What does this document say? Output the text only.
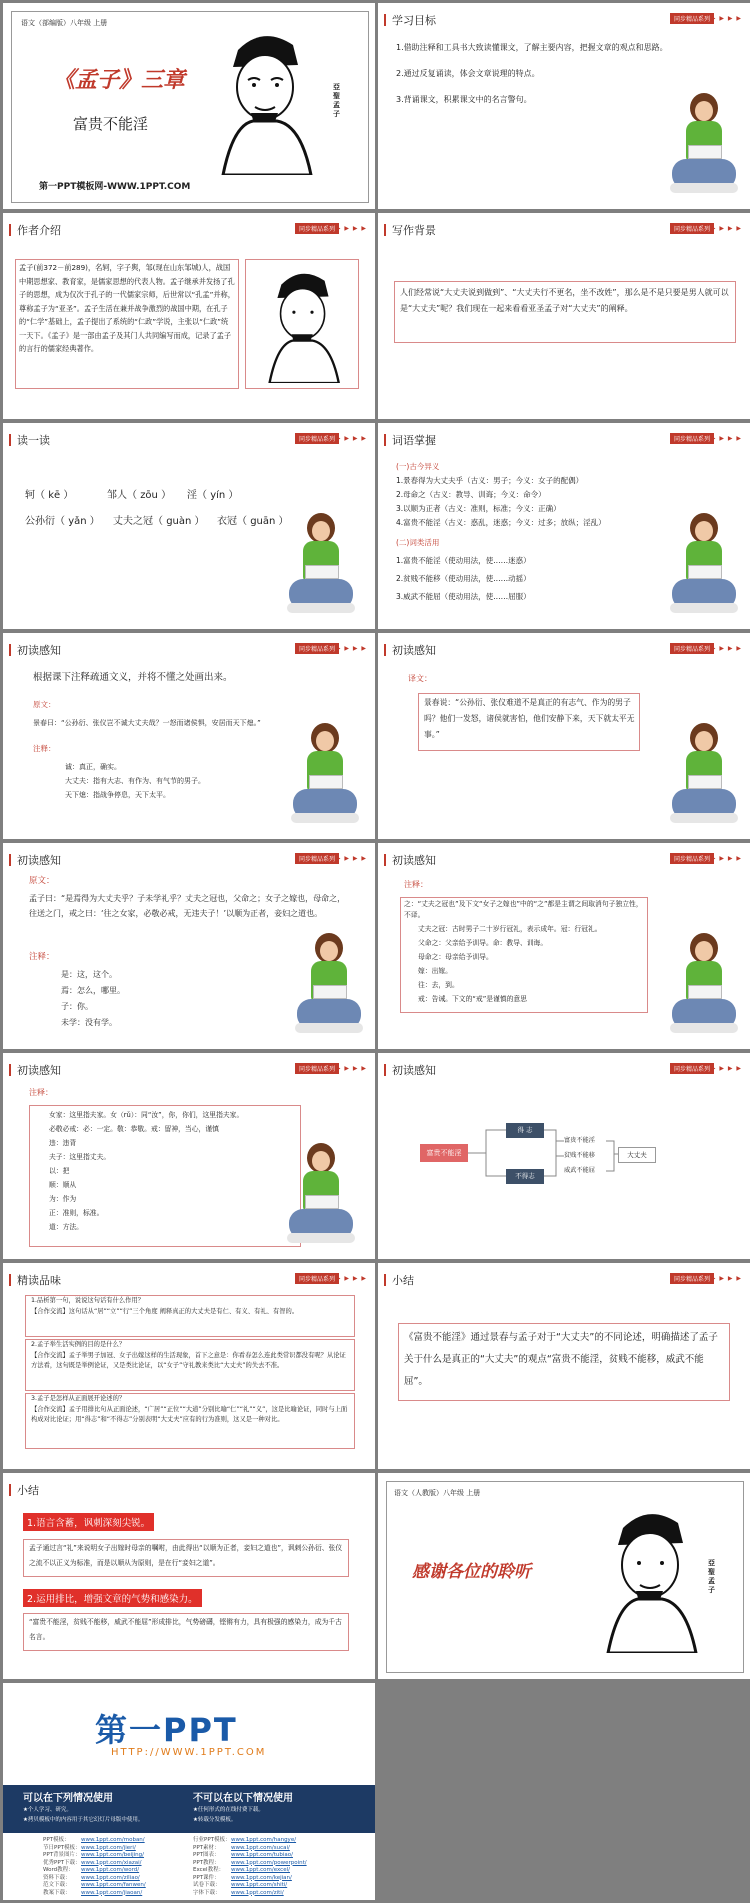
语文（部编版）八年级 上册
《孟子》三章
富贵不能淫
第一PPT模板网-WWW.1PPT.COM
亞聖孟子
学习目标	同步精品系列 ▶ ▶ ▶ ▶
1.借助注释和工具书大致读懂课文，了解主要内容，把握文章的观点和思路。
2.通过反复诵读，体会文章说理的特点。
3.背诵课文，积累课文中的名言警句。
作者介绍	同步精品系列 ▶ ▶ ▶ ▶
孟子(前372－前289)，名轲，字子舆，邹(现在山东邹城)人，战国中期思想家、教育家，是儒家思想的代表人物。孟子继承并发扬了孔子的思想，成为仅次于孔子的一代儒家宗师，后世常以“孔孟”并称，尊称孟子为“亚圣”。孟子生活在兼并战争激烈的战国中期，在孔子的“仁学”基础上，孟子提出了系统的“仁政”学说，主张以“仁政”统一天下。《孟子》是一部由孟子及其门人共同编写而成，记录了孟子的言行的儒家经典著作。
写作背景	同步精品系列 ▶ ▶ ▶ ▶
人们经常说“大丈夫说到做到”、“大丈夫行不更名，坐不改姓”，那么是不是只要是男人就可以是“大丈夫”呢？我们现在一起来看看亚圣孟子对“大丈夫”的阐释。
读一读	同步精品系列 ▶ ▶ ▶ ▶
轲（ kē ）	邹人（ zōu ） 淫（ yín ）
公孙衍（ yǎn ） 丈夫之冠（ guàn ） 衣冠（ guān ）
词语掌握	同步精品系列 ▶ ▶ ▶ ▶
(一)古今异义
1.景春得为大丈夫乎（古义：男子；今义：女子的配偶）
2.母命之（古义：教导、训诲；今义：命令）
3.以顺为正者（古义：准则，标准；今义：正确）
4.富贵不能淫（古义：惑乱，迷惑；今义：过多；放纵；淫乱）
(二)词类活用
1.富贵不能淫（使动用法，使……迷惑）
2.贫贱不能移（使动用法，使……动摇）
3.威武不能屈（使动用法，使……屈服）
初读感知	同步精品系列 ▶ ▶ ▶ ▶
根据课下注释疏通文义，并将不懂之处画出来。
原文：
景春曰：“公孙衍、张仪岂不诚大丈夫哉？一怒而诸侯惧，安居而天下熄。”
注释：
诚：真正，确实。
大丈夫：指有大志、有作为、有气节的男子。
天下熄：指战争停息，天下太平。
初读感知	同步精品系列 ▶ ▶ ▶ ▶
译文：
景春说：“公孙衍、张仪难道不是真正的有志气、作为的男子吗？他们一发怒，诸侯就害怕，他们安静下来，天下就太平无事。”
初读感知	同步精品系列 ▶ ▶ ▶ ▶
原文：
孟子曰：“是焉得为大丈夫乎？子未学礼乎？丈夫之冠也，父命之；女子之嫁也，母命之，往送之门，戒之曰：‘往之女家，必敬必戒，无违夫子！’以顺为正者，妾妇之道也。
注释：
是：这，这个。
焉：怎么，哪里。
子：你。
未学：没有学。
初读感知	同步精品系列 ▶ ▶ ▶ ▶
注释：
之：“丈夫之冠也”及下文“女子之嫁也”中的“之”都是主谓之间取消句子独立性，不译。
丈夫之冠：古时男子二十岁行冠礼，表示成年。冠：行冠礼。
父命之：父亲给予训导。命：教导、训诲。
母命之：母亲给予训导。
嫁：出嫁。
往：去，到。
戒：告诫。下文的“戒”是谨慎的意思
初读感知	同步精品系列 ▶ ▶ ▶ ▶
注释：
女家：这里指夫家。女（rǔ）：同“汝”，你，你们，这里指夫家。
必敬必戒：必：一定。敬：恭敬。戒：留神，当心，谨慎
违：违背
夫子：这里指丈夫。
以：把
顺：顺从
为：作为
正：准则，标准。
道：方法。
初读感知	同步精品系列 ▶ ▶ ▶ ▶
富贵不能淫
得 志
不得志
富贵不能淫
贫贱不能移
威武不能屈
大丈夫
精读品味	同步精品系列 ▶ ▶ ▶ ▶
1.品析第一句，说说这句话有什么作用？
【合作交流】这句话从“居”“立”“行”三个角度 阐释真正的大丈夫是有仁、有义、有礼、有智的。
2.孟子举生活实例的目的是什么？
【合作交流】孟子举男子加冠、女子出嫁这样的生活现象，首下之意是：你看春怎么连此类常识都没有呢？从论证方法看，这句既是举例论证，又是类比论证，以“女子”守礼教来类比“大丈夫”的失去不准。
3.孟子是怎样从正面展开论述的？
【合作交流】孟子用排比句从正面论述，“广居”“正位”“大道”分别比喻“仁”“礼”“义”，这是比喻论证，同时与上面构成对比论证；用“得志”和“不得志”分别表明“大丈夫”应有的行为准则，这又是一种对比。
小结	同步精品系列 ▶ ▶ ▶ ▶
《富贵不能淫》通过景春与孟子对于“大丈夫”的不同论述，明确描述了孟子关于什么是真正的“大丈夫”的观点“富贵不能淫，贫贱不能移，威武不能屈”。
小结
1.语言含蓄，讽刺深刻尖锐。
孟子通过言“礼”来说明女子出嫁时母亲的嘱咐，由此得出“以顺为正者，妾妇之道也”，讽刺公孙衍、张仪之流不以正义为标准，而是以顺从为原则，是在行“妾妇之道”。
2.运用排比，增强文章的气势和感染力。
“富贵不能淫，贫贱不能移，威武不能屈”形成排比，气势磅礴，铿锵有力，具有极强的感染力，成为千古名言。
语文（人教版）八年级 上册
感谢各位的聆听	亞聖孟子
第一PPT
HTTP://WWW.1PPT.COM
可以在下列情况使用
★个人学习、研究。
★拷贝模板中的内容用于其它幻灯片母版中使用。
不可以在以下情况使用
★任何形式的在线付费下载。
★转载分发模板。
PPT模板： www.1ppt.com/moban/
节日PPT模板：www.1ppt.com/jieri/
PPT背景图片：www.1ppt.com/beijing/
优秀PPT下载：www.1ppt.com/xiazai/
Word教程： www.1ppt.com/word/
资料下载： www.1ppt.com/ziliao/
范文下载： www.1ppt.com/fanwen/
教案下载： www.1ppt.com/jiaoan/
行业PPT模板：www.1ppt.com/hangye/
PPT素材： www.1ppt.com/sucai/
PPT图表： www.1ppt.com/tubiao/
PPT教程： www.1ppt.com/powerpoint/
Excel教程： www.1ppt.com/excel/
PPT课件： www.1ppt.com/kejian/
试卷下载： www.1ppt.com/shiti/
字体下载： www.1ppt.com/ziti/
